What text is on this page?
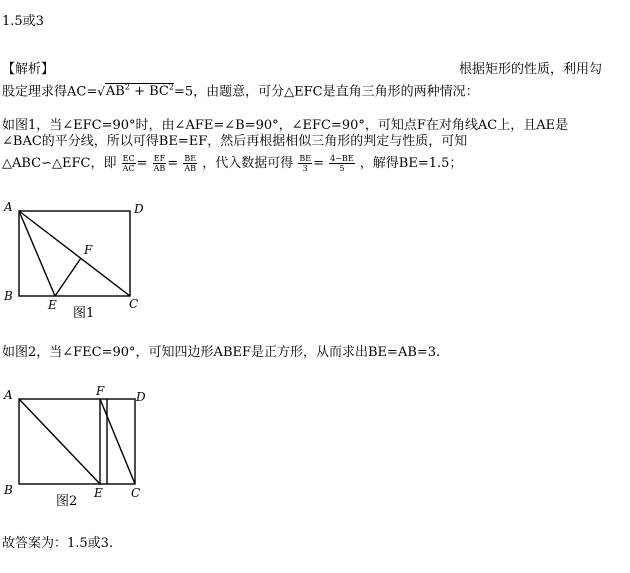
1.5或3
【解析】	根据矩形的性质，利用勾
股定理求得$AC=√AB^2 + BC^2=5$，由题意，可分△EFC是直角三角形的两种情况：
如图1，当∠EFC=90°时，由∠AFE=∠B=90°，∠EFC=90°，可知点F在对角线AC上，且AE是
∠BAC的平分线，所以可得BE=EF，然后再根据相似三角形的判定与性质，可知
△ABC∽△EFC，即 $\frac{EC}{AC} = \frac{EF}{AB} = \frac{BE}{AB}$ ，代入数据可得 $\frac{BE}{3} = \frac{4-BE}{5}$ ，解得BE=1.5；
A	D
B
C
E
F
图1
如图2，当∠FEC=90°，可知四边形ABEF是正方形，从而求出BE=AB=3.
A	F	D
B	E C
图2
故答案为：1.5或3.
